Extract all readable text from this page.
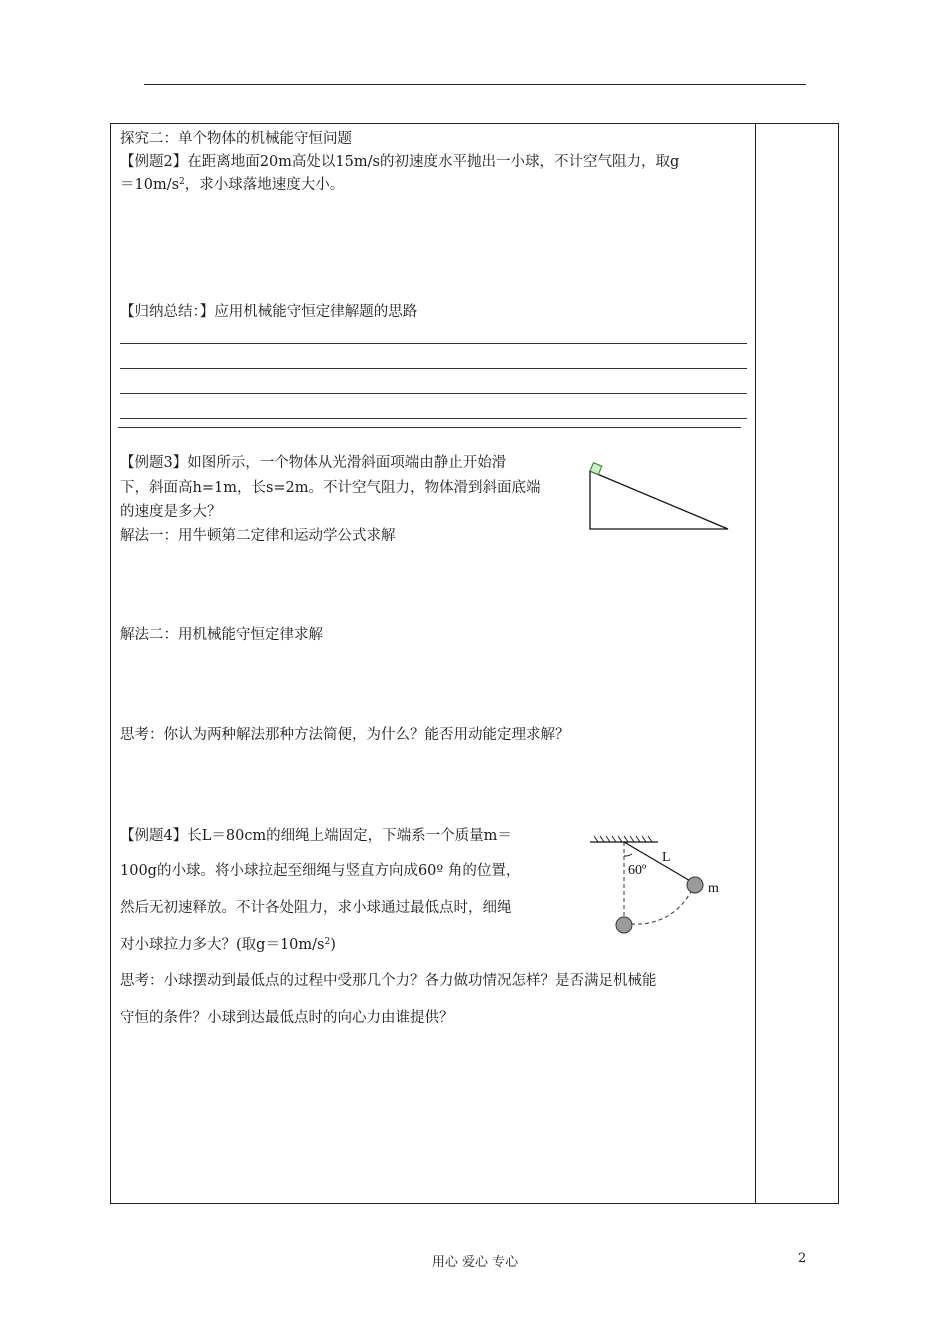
探究二：单个物体的机械能守恒问题
【例题2】在距离地面20m高处以15m/s的初速度水平抛出一小球，不计空气阻力，取g
$=10m/s^2$，求小球落地速度大小。
【归纳总结：】应用机械能守恒定律解题的思路
【例题3】如图所示，一个物体从光滑斜面项端由静止开始滑
下，斜面高h=1m，长s=2m。不计空气阻力，物体滑到斜面底端
的速度是多大？
解法一：用牛顿第二定律和运动学公式求解
解法二：用机械能守恒定律求解
思考：你认为两种解法那种方法简便，为什么？能否用动能定理求解？
【例题4】长L＝80cm的细绳上端固定，下端系一个质量m＝
100g的小球。将小球拉起至细绳与竖直方向成60º 角的位置，
然后无初速释放。不计各处阻力，求小球通过最低点时，细绳
对小球拉力多大？(取$g=10m/s^2$)
思考：小球摆动到最低点的过程中受那几个力？各力做功情况怎样？是否满足机械能
守恒的条件？小球到达最低点时的向心力由谁提供？
60º
L
m
用心 爱心 专心	2
